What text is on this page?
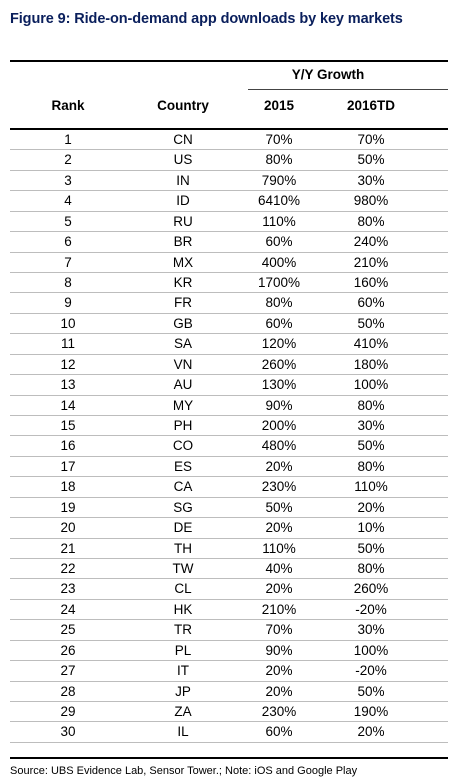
Figure 9: Ride-on-demand app downloads by key markets
Y/Y Growth
Rank	Country	2015	2016TD
1	CN	70%	70%
2	US	80%	50%
3	IN	790%	30%
4	ID	6410%	980%
5	RU	110%	80%
6	BR	60%	240%
7	MX	400%	210%
8	KR	1700%	160%
9	FR	80%	60%
10	GB	60%	50%
11	SA	120%	410%
12	VN	260%	180%
13	AU	130%	100%
14	MY	90%	80%
15	PH	200%	30%
16	CO	480%	50%
17	ES	20%	80%
18	CA	230%	110%
19	SG	50%	20%
20	DE	20%	10%
21	TH	110%	50%
22	TW	40%	80%
23	CL	20%	260%
24	HK	210%	-20%
25	TR	70%	30%
26	PL	90%	100%
27	IT	20%	-20%
28	JP	20%	50%
29	ZA	230%	190%
30	IL	60%	20%
Source: UBS Evidence Lab, Sensor Tower.; Note: iOS and Google Play
